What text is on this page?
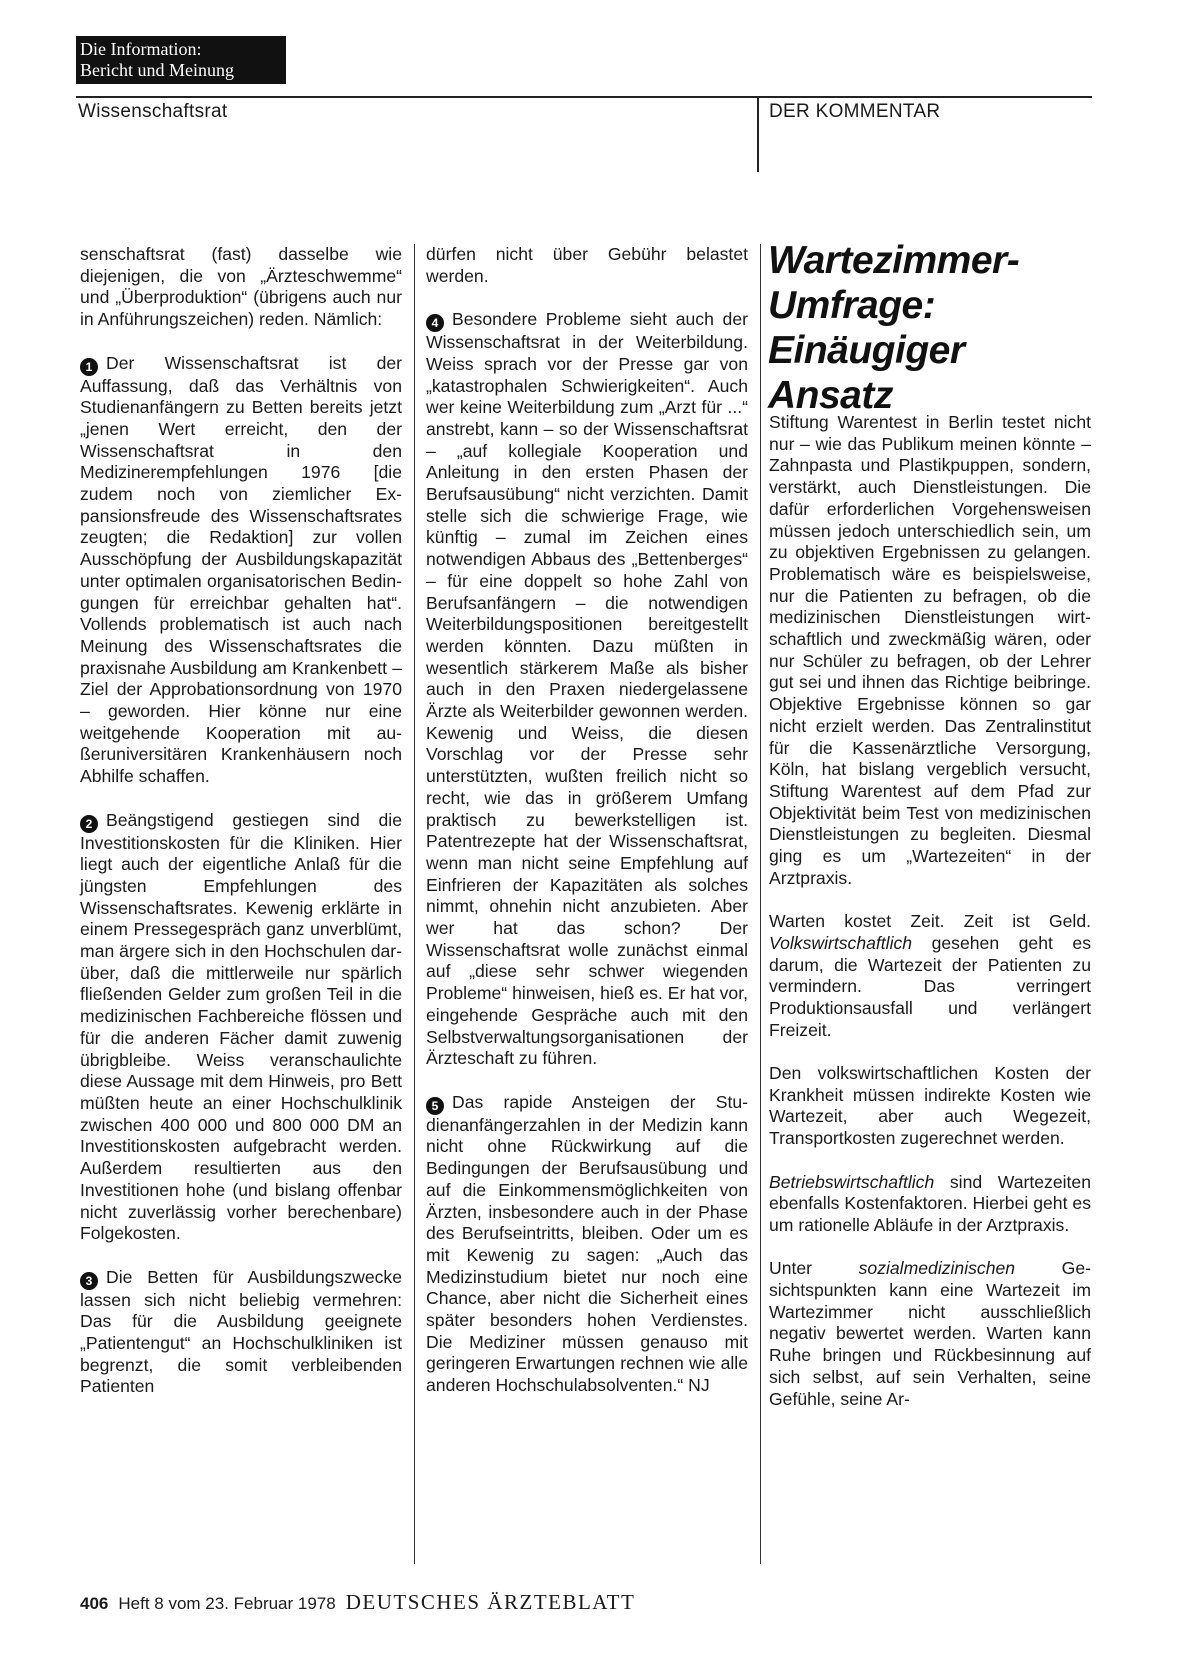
Die Information:
Bericht und Meinung
Wissenschaftsrat	DER KOMMENTAR

senschaftsrat (fast) dasselbe wie diejenigen, die von „Ärzteschwemme“ und „Überproduktion“ (übrigens auch nur in Anführungszeichen) reden. Nämlich:

1 Der Wissenschaftsrat ist der Auffassung, daß das Verhältnis von Studienanfängern zu Betten bereits jetzt „jenen Wert erreicht, den der Wissenschaftsrat in den Medizinerempfehlungen 1976 [die zudem noch von ziemlicher Expansionsfreude des Wissenschaftsrates zeugten; die Redaktion] zur vollen Ausschöpfung der Ausbildungskapazität unter optimalen organisatorischen Bedingungen für erreichbar gehalten hat“. Vollends problematisch ist auch nach Meinung des Wissenschaftsrates die praxisnahe Ausbildung am Krankenbett – Ziel der Approbationsordnung von 1970 – geworden. Hier könne nur eine weitgehende Kooperation mit außeruniversitären Krankenhäusern noch Abhilfe schaffen.

2 Beängstigend gestiegen sind die Investitionskosten für die Kliniken. Hier liegt auch der eigentliche Anlaß für die jüngsten Empfehlungen des Wissenschaftsrates. Kewenig erklärte in einem Pressegespräch ganz unverblümt, man ärgere sich in den Hochschulen darüber, daß die mittlerweile nur spärlich fließenden Gelder zum großen Teil in die medizinischen Fachbereiche flössen und für die anderen Fächer damit zuwenig übrigbleibe. Weiss veranschaulichte diese Aussage mit dem Hinweis, pro Bett müßten heute an einer Hochschulklinik zwischen 400 000 und 800 000 DM an Investitionskosten aufgebracht werden. Außerdem resultierten aus den Investitionen hohe (und bislang offenbar nicht zuverlässig vorher berechenbare) Folgekosten.

3 Die Betten für Ausbildungszwecke lassen sich nicht beliebig vermehren: Das für die Ausbildung geeignete „Patientengut“ an Hochschulkliniken ist begrenzt, die somit verbleibenden Patienten

dürfen nicht über Gebühr belastet werden.

4 Besondere Probleme sieht auch der Wissenschaftsrat in der Weiterbildung. Weiss sprach vor der Presse gar von „katastrophalen Schwierigkeiten“. Auch wer keine Weiterbildung zum „Arzt für ...“ anstrebt, kann – so der Wissenschaftsrat – „auf kollegiale Kooperation und Anleitung in den ersten Phasen der Berufsausübung“ nicht verzichten. Damit stelle sich die schwierige Frage, wie künftig – zumal im Zeichen eines notwendigen Abbaus des „Bettenberges“ – für eine doppelt so hohe Zahl von Berufsanfängern – die notwendigen Weiterbildungspositionen bereitgestellt werden könnten. Dazu müßten in wesentlich stärkerem Maße als bisher auch in den Praxen niedergelassene Ärzte als Weiterbilder gewonnen werden. Kewenig und Weiss, die diesen Vorschlag vor der Presse sehr unterstützten, wußten freilich nicht so recht, wie das in größerem Umfang praktisch zu bewerkstelligen ist. Patentrezepte hat der Wissenschaftsrat, wenn man nicht seine Empfehlung auf Einfrieren der Kapazitäten als solches nimmt, ohnehin nicht anzubieten. Aber wer hat das schon? Der Wissenschaftsrat wolle zunächst einmal auf „diese sehr schwer wiegenden Probleme“ hinweisen, hieß es. Er hat vor, eingehende Gespräche auch mit den Selbstverwaltungsorganisationen der Ärzteschaft zu führen.

5 Das rapide Ansteigen der Studienanfängerzahlen in der Medizin kann nicht ohne Rückwirkung auf die Bedingungen der Berufsausübung und auf die Einkommensmöglichkeiten von Ärzten, insbesondere auch in der Phase des Berufseintritts, bleiben. Oder um es mit Kewenig zu sagen: „Auch das Medizinstudium bietet nur noch eine Chance, aber nicht die Sicherheit eines später besonders hohen Verdienstes. Die Mediziner müssen genauso mit geringeren Erwartungen rechnen wie alle anderen Hochschulabsolventen.“ NJ

Wartezimmer-
Umfrage:
Einäugiger
Ansatz

Stiftung Warentest in Berlin testet nicht nur – wie das Publikum meinen könnte – Zahnpasta und Plastikpuppen, sondern, verstärkt, auch Dienstleistungen. Die dafür erforderlichen Vorgehensweisen müssen jedoch unterschiedlich sein, um zu objektiven Ergebnissen zu gelangen. Problematisch wäre es beispielsweise, nur die Patienten zu befragen, ob die medizinischen Dienstleistungen wirtschaftlich und zweckmäßig wären, oder nur Schüler zu befragen, ob der Lehrer gut sei und ihnen das Richtige beibringe. Objektive Ergebnisse können so gar nicht erzielt werden. Das Zentralinstitut für die Kassenärztliche Versorgung, Köln, hat bislang vergeblich versucht, Stiftung Warentest auf dem Pfad zur Objektivität beim Test von medizinischen Dienstleistungen zu begleiten. Diesmal ging es um „Wartezeiten“ in der Arztpraxis.

Warten kostet Zeit. Zeit ist Geld. Volkswirtschaftlich gesehen geht es darum, die Wartezeit der Patienten zu vermindern. Das verringert Produktionsausfall und verlängert Freizeit.

Den volkswirtschaftlichen Kosten der Krankheit müssen indirekte Kosten wie Wartezeit, aber auch Wegezeit, Transportkosten zugerechnet werden.

Betriebswirtschaftlich sind Wartezeiten ebenfalls Kostenfaktoren. Hierbei geht es um rationelle Abläufe in der Arztpraxis.

Unter	sozialmedizinischen	Gesichtspunkten kann eine Wartezeit im Wartezimmer nicht ausschließlich negativ bewertet werden. Warten kann Ruhe bringen und Rückbesinnung auf sich selbst, auf sein Verhalten, seine Gefühle, seine Ar-

406 Heft 8 vom 23. Februar 1978 DEUTSCHES ÄRZTEBLATT
